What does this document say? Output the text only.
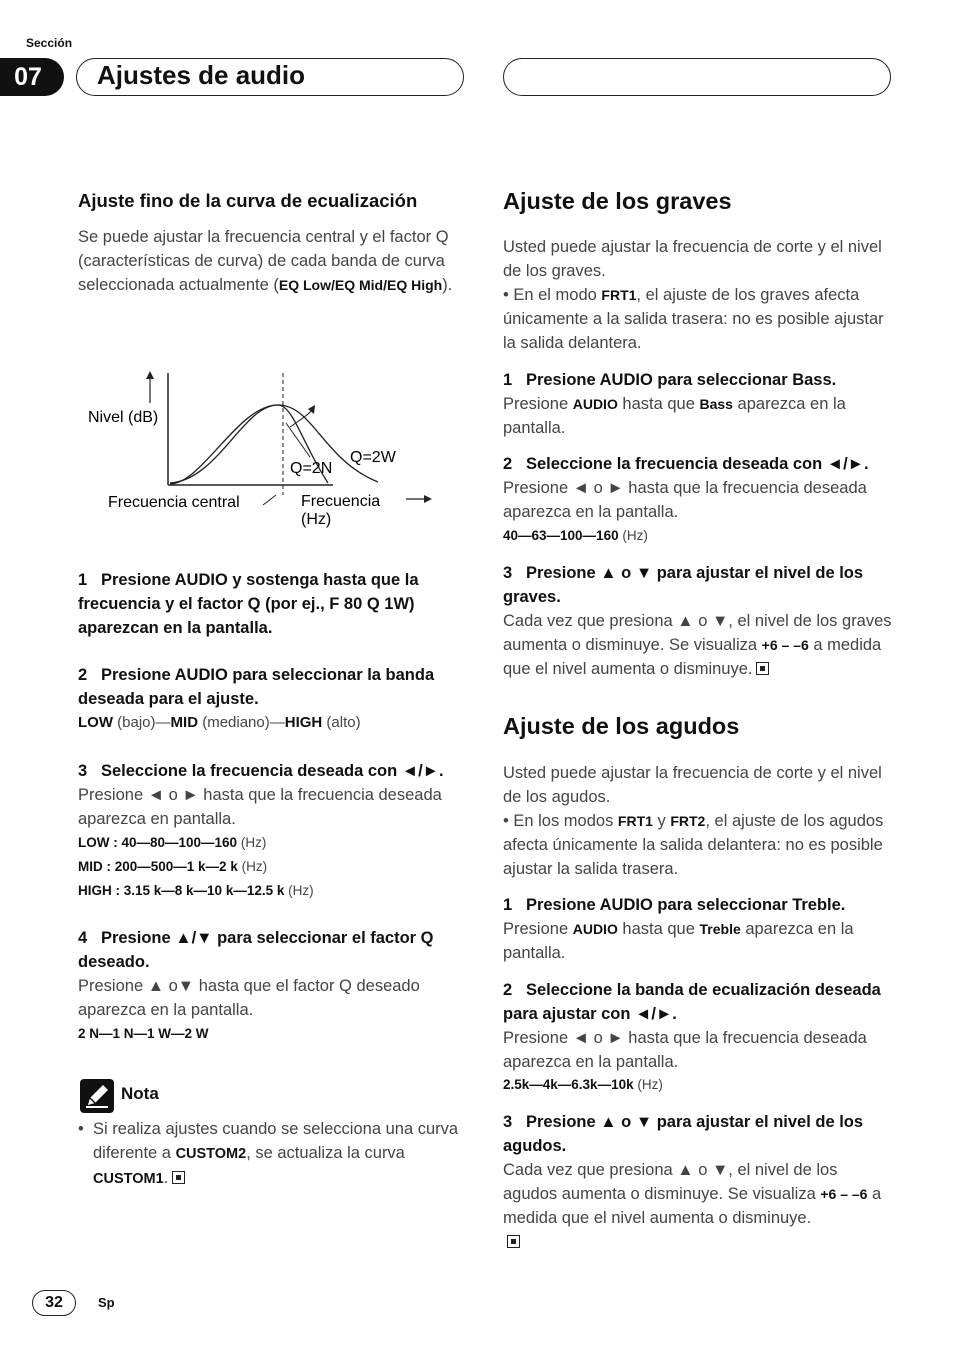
Sección
07	Ajustes de audio
Ajuste fino de la curva de ecualización
Se puede ajustar la frecuencia central y el factor Q (características de curva) de cada banda de curva seleccionada actualmente (EQ Low/EQ Mid/EQ High).
Nivel (dB)
Q=2N
Q=2W
Frecuencia central	Frecuencia
(Hz)
1 Presione AUDIO y sostenga hasta que la frecuencia y el factor Q (por ej., F 80 Q 1W) aparezcan en la pantalla.
2 Presione AUDIO para seleccionar la banda deseada para el ajuste.
LOW (bajo)—MID (mediano)—HIGH (alto)
3 Seleccione la frecuencia deseada con ◄/►.
Presione ◄ o ► hasta que la frecuencia deseada aparezca en pantalla.
LOW : 40—80—100—160 (Hz)
MID : 200—500—1 k—2 k (Hz)
HIGH : 3.15 k—8 k—10 k—12.5 k (Hz)
4 Presione ▲/▼ para seleccionar el factor Q deseado.
Presione ▲ o▼ hasta que el factor Q deseado aparezca en la pantalla.
2 N—1 N—1 W—2 W
Nota
• Si realiza ajustes cuando se selecciona una curva diferente a CUSTOM2, se actualiza la curva CUSTOM1.
Ajuste de los graves
Usted puede ajustar la frecuencia de corte y el nivel de los graves.
• En el modo FRT1, el ajuste de los graves afecta únicamente a la salida trasera: no es posible ajustar la salida delantera.
1 Presione AUDIO para seleccionar Bass.
Presione AUDIO hasta que Bass aparezca en la pantalla.
2 Seleccione la frecuencia deseada con ◄/►.
Presione ◄ o ► hasta que la frecuencia deseada aparezca en la pantalla.
40—63—100—160 (Hz)
3 Presione ▲ o ▼ para ajustar el nivel de los graves.
Cada vez que presiona ▲ o ▼, el nivel de los graves aumenta o disminuye. Se visualiza +6 – –6 a medida que el nivel aumenta o disminuye.
Ajuste de los agudos
Usted puede ajustar la frecuencia de corte y el nivel de los agudos.
• En los modos FRT1 y FRT2, el ajuste de los agudos afecta únicamente la salida delantera: no es posible ajustar la salida trasera.
1 Presione AUDIO para seleccionar Treble.
Presione AUDIO hasta que Treble aparezca en la pantalla.
2 Seleccione la banda de ecualización deseada para ajustar con ◄/►.
Presione ◄ o ► hasta que la frecuencia deseada aparezca en la pantalla.
2.5k—4k—6.3k—10k (Hz)
3 Presione ▲ o ▼ para ajustar el nivel de los agudos.
Cada vez que presiona ▲ o ▼, el nivel de los agudos aumenta o disminuye. Se visualiza +6 – –6 a medida que el nivel aumenta o disminuye.

32	Sp
